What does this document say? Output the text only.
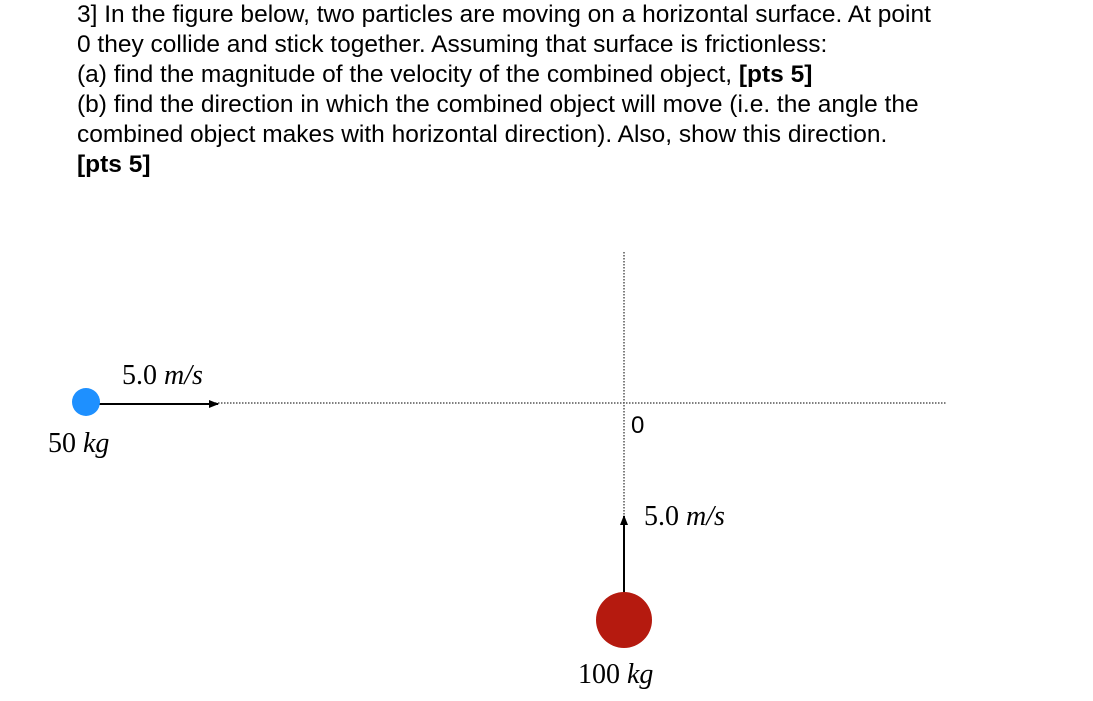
3] In the figure below, two particles are moving on a horizontal surface. At point
0 they collide and stick together. Assuming that surface is frictionless:
(a) find the magnitude of the velocity of the combined object, [pts 5]
(b) find the direction in which the combined object will move (i.e. the angle the
combined object makes with horizontal direction). Also, show this direction.
[pts 5]
0
5.0 m/s
50 kg
5.0 m/s
100 kg
